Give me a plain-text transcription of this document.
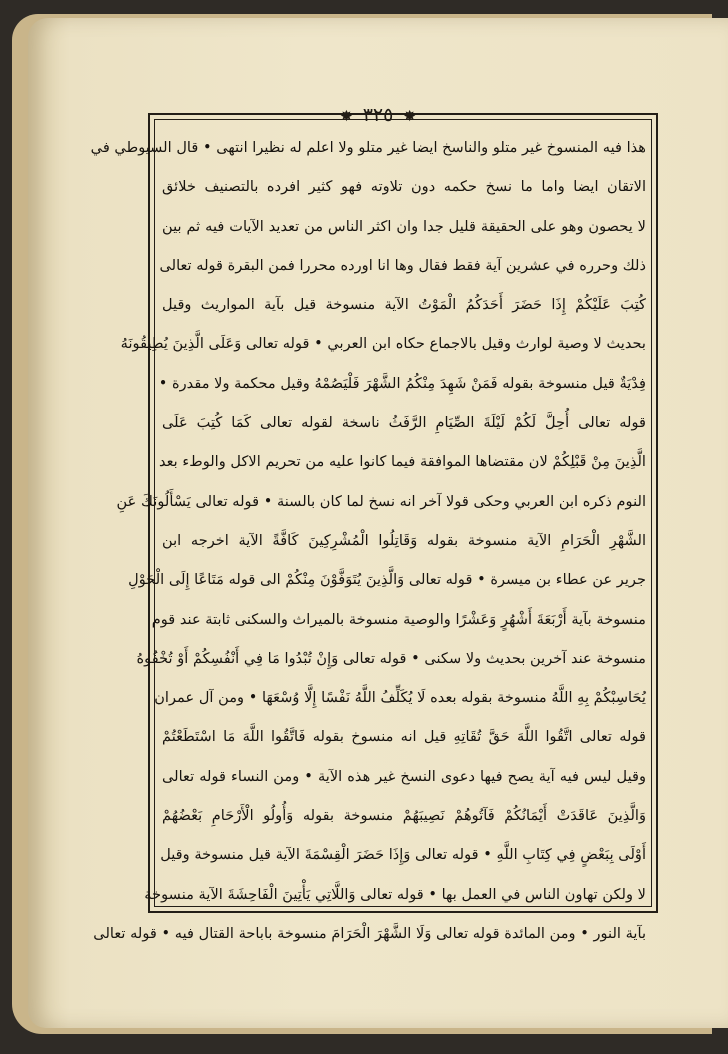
✸ ٣٢٥ ✸
هذا فيه المنسوخ غير متلو والناسخ ايضا غير متلو ولا اعلم له نظيرا انتهى • قال السيوطي في
الاتقان ايضا واما ما نسخ حكمه دون تلاوته فهو كثير افرده بالتصنيف خلائق
لا يحصون وهو على الحقيقة قليل جدا وان اكثر الناس من تعديد الآيات فيه ثم بين
ذلك وحرره في عشرين آية فقط فقال وها انا اورده محررا فمن البقرة قوله تعالى
كُتِبَ عَلَيْكُمْ إِذَا حَضَرَ أَحَدَكُمُ الْمَوْتُ الآية منسوخة قيل بآية المواريث وقيل
بحديث لا وصية لوارث وقيل بالاجماع حكاه ابن العربي • قوله تعالى وَعَلَى الَّذِينَ يُطِيقُونَهُ
فِدْيَةٌ قيل منسوخة بقوله فَمَنْ شَهِدَ مِنْكُمُ الشَّهْرَ فَلْيَصُمْهُ وقيل محكمة ولا مقدرة •
قوله تعالى أُحِلَّ لَكُمْ لَيْلَةَ الصِّيَامِ الرَّفَثُ ناسخة لقوله تعالى كَمَا كُتِبَ عَلَى
الَّذِينَ مِنْ قَبْلِكُمْ لان مقتضاها الموافقة فيما كانوا عليه من تحريم الاكل والوطء بعد
النوم ذكره ابن العربي وحكى قولا آخر انه نسخ لما كان بالسنة • قوله تعالى يَسْأَلُونَكَ عَنِ
الشَّهْرِ الْحَرَامِ الآية منسوخة بقوله وَقَاتِلُوا الْمُشْرِكِينَ كَافَّةً الآية اخرجه ابن
جرير عن عطاء بن ميسرة • قوله تعالى وَالَّذِينَ يُتَوَفَّوْنَ مِنْكُمْ الى قوله مَتَاعًا إِلَى الْحَوْلِ
منسوخة بآية أَرْبَعَةَ أَشْهُرٍ وَعَشْرًا والوصية منسوخة بالميراث والسكنى ثابتة عند قوم
منسوخة عند آخرين بحديث ولا سكنى • قوله تعالى وَإِنْ تُبْدُوا مَا فِي أَنْفُسِكُمْ أَوْ تُخْفُوهُ
يُحَاسِبْكُمْ بِهِ اللَّهُ منسوخة بقوله بعده لَا يُكَلِّفُ اللَّهُ نَفْسًا إِلَّا وُسْعَهَا • ومن آل عمران
قوله تعالى اتَّقُوا اللَّهَ حَقَّ تُقَاتِهِ قيل انه منسوخ بقوله فَاتَّقُوا اللَّهَ مَا اسْتَطَعْتُمْ
وقيل ليس فيه آية يصح فيها دعوى النسخ غير هذه الآية • ومن النساء قوله تعالى
وَالَّذِينَ عَاقَدَتْ أَيْمَانُكُمْ فَآتُوهُمْ نَصِيبَهُمْ منسوخة بقوله وَأُولُو الْأَرْحَامِ بَعْضُهُمْ
أَوْلَى بِبَعْضٍ فِي كِتَابِ اللَّهِ • قوله تعالى وَإِذَا حَضَرَ الْقِسْمَةَ الآية قيل منسوخة وقيل
لا ولكن تهاون الناس في العمل بها • قوله تعالى وَاللَّاتِي يَأْتِينَ الْفَاحِشَةَ الآية منسوخة
بآية النور • ومن المائدة قوله تعالى وَلَا الشَّهْرَ الْحَرَامَ منسوخة باباحة القتال فيه • قوله تعالى
